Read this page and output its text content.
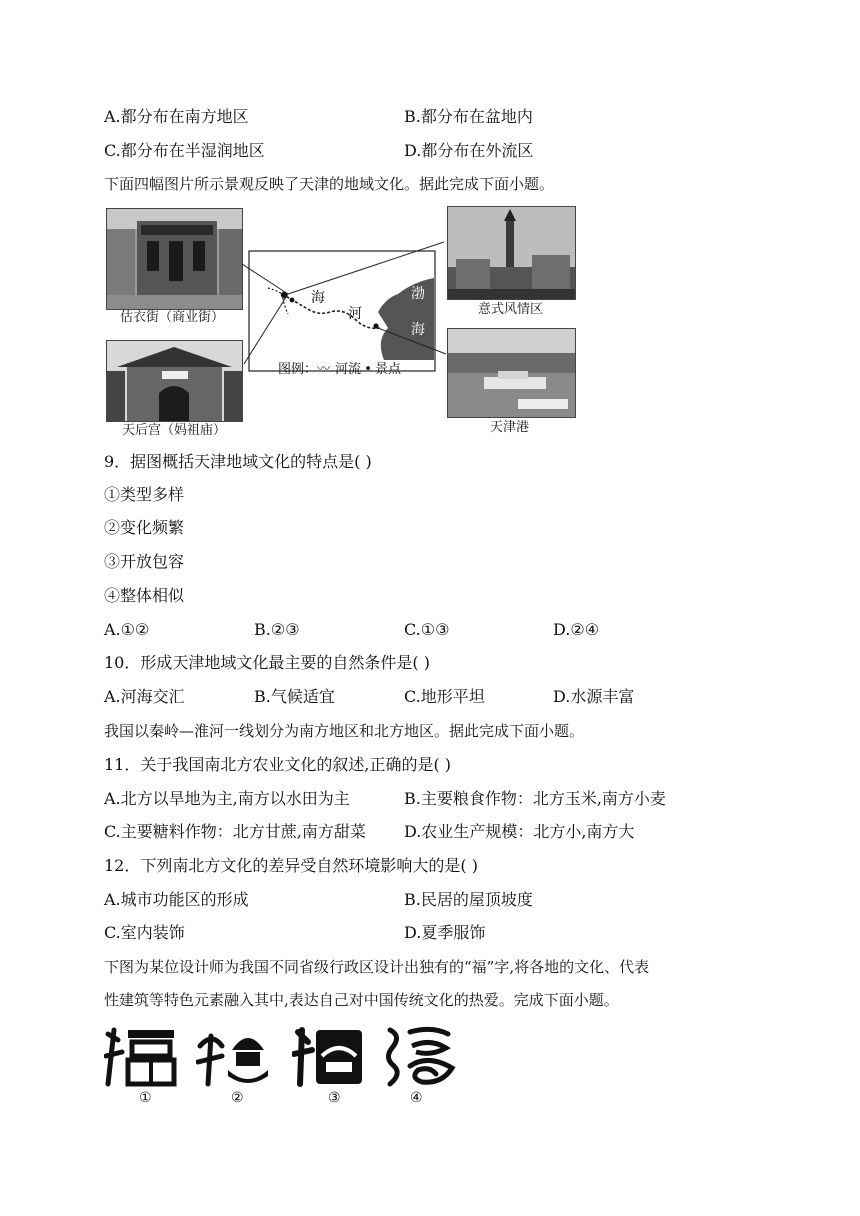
A.都分布在南方地区	B.都分布在盆地内
C.都分布在半湿润地区	D.都分布在外流区
下面四幅图片所示景观反映了天津的地域文化。据此完成下面小题。
估衣街（商业街）
天后宫（妈祖庙）
海
河
渤
海
图例：〰 河流 • 景点
意式风情区
天津港
9．据图概括天津地域文化的特点是( )
①类型多样
②变化频繁
③开放包容
④整体相似
A.①②	B.②③	C.①③	D.②④
10．形成天津地域文化最主要的自然条件是( )
A.河海交汇	B.气候适宜	C.地形平坦	D.水源丰富
我国以秦岭—淮河一线划分为南方地区和北方地区。据此完成下面小题。
11．关于我国南北方农业文化的叙述,正确的是( )
A.北方以旱地为主,南方以水田为主	B.主要粮食作物：北方玉米,南方小麦
C.主要糖料作物：北方甘蔗,南方甜菜 D.农业生产规模：北方小,南方大
12．下列南北方文化的差异受自然环境影响大的是( )
A.城市功能区的形成	B.民居的屋顶坡度
C.室内装饰	D.夏季服饰
下图为某位设计师为我国不同省级行政区设计出独有的“福”字,将各地的文化、代表
性建筑等特色元素融入其中,表达自己对中国传统文化的热爱。完成下面小题。
①	②	③	④
